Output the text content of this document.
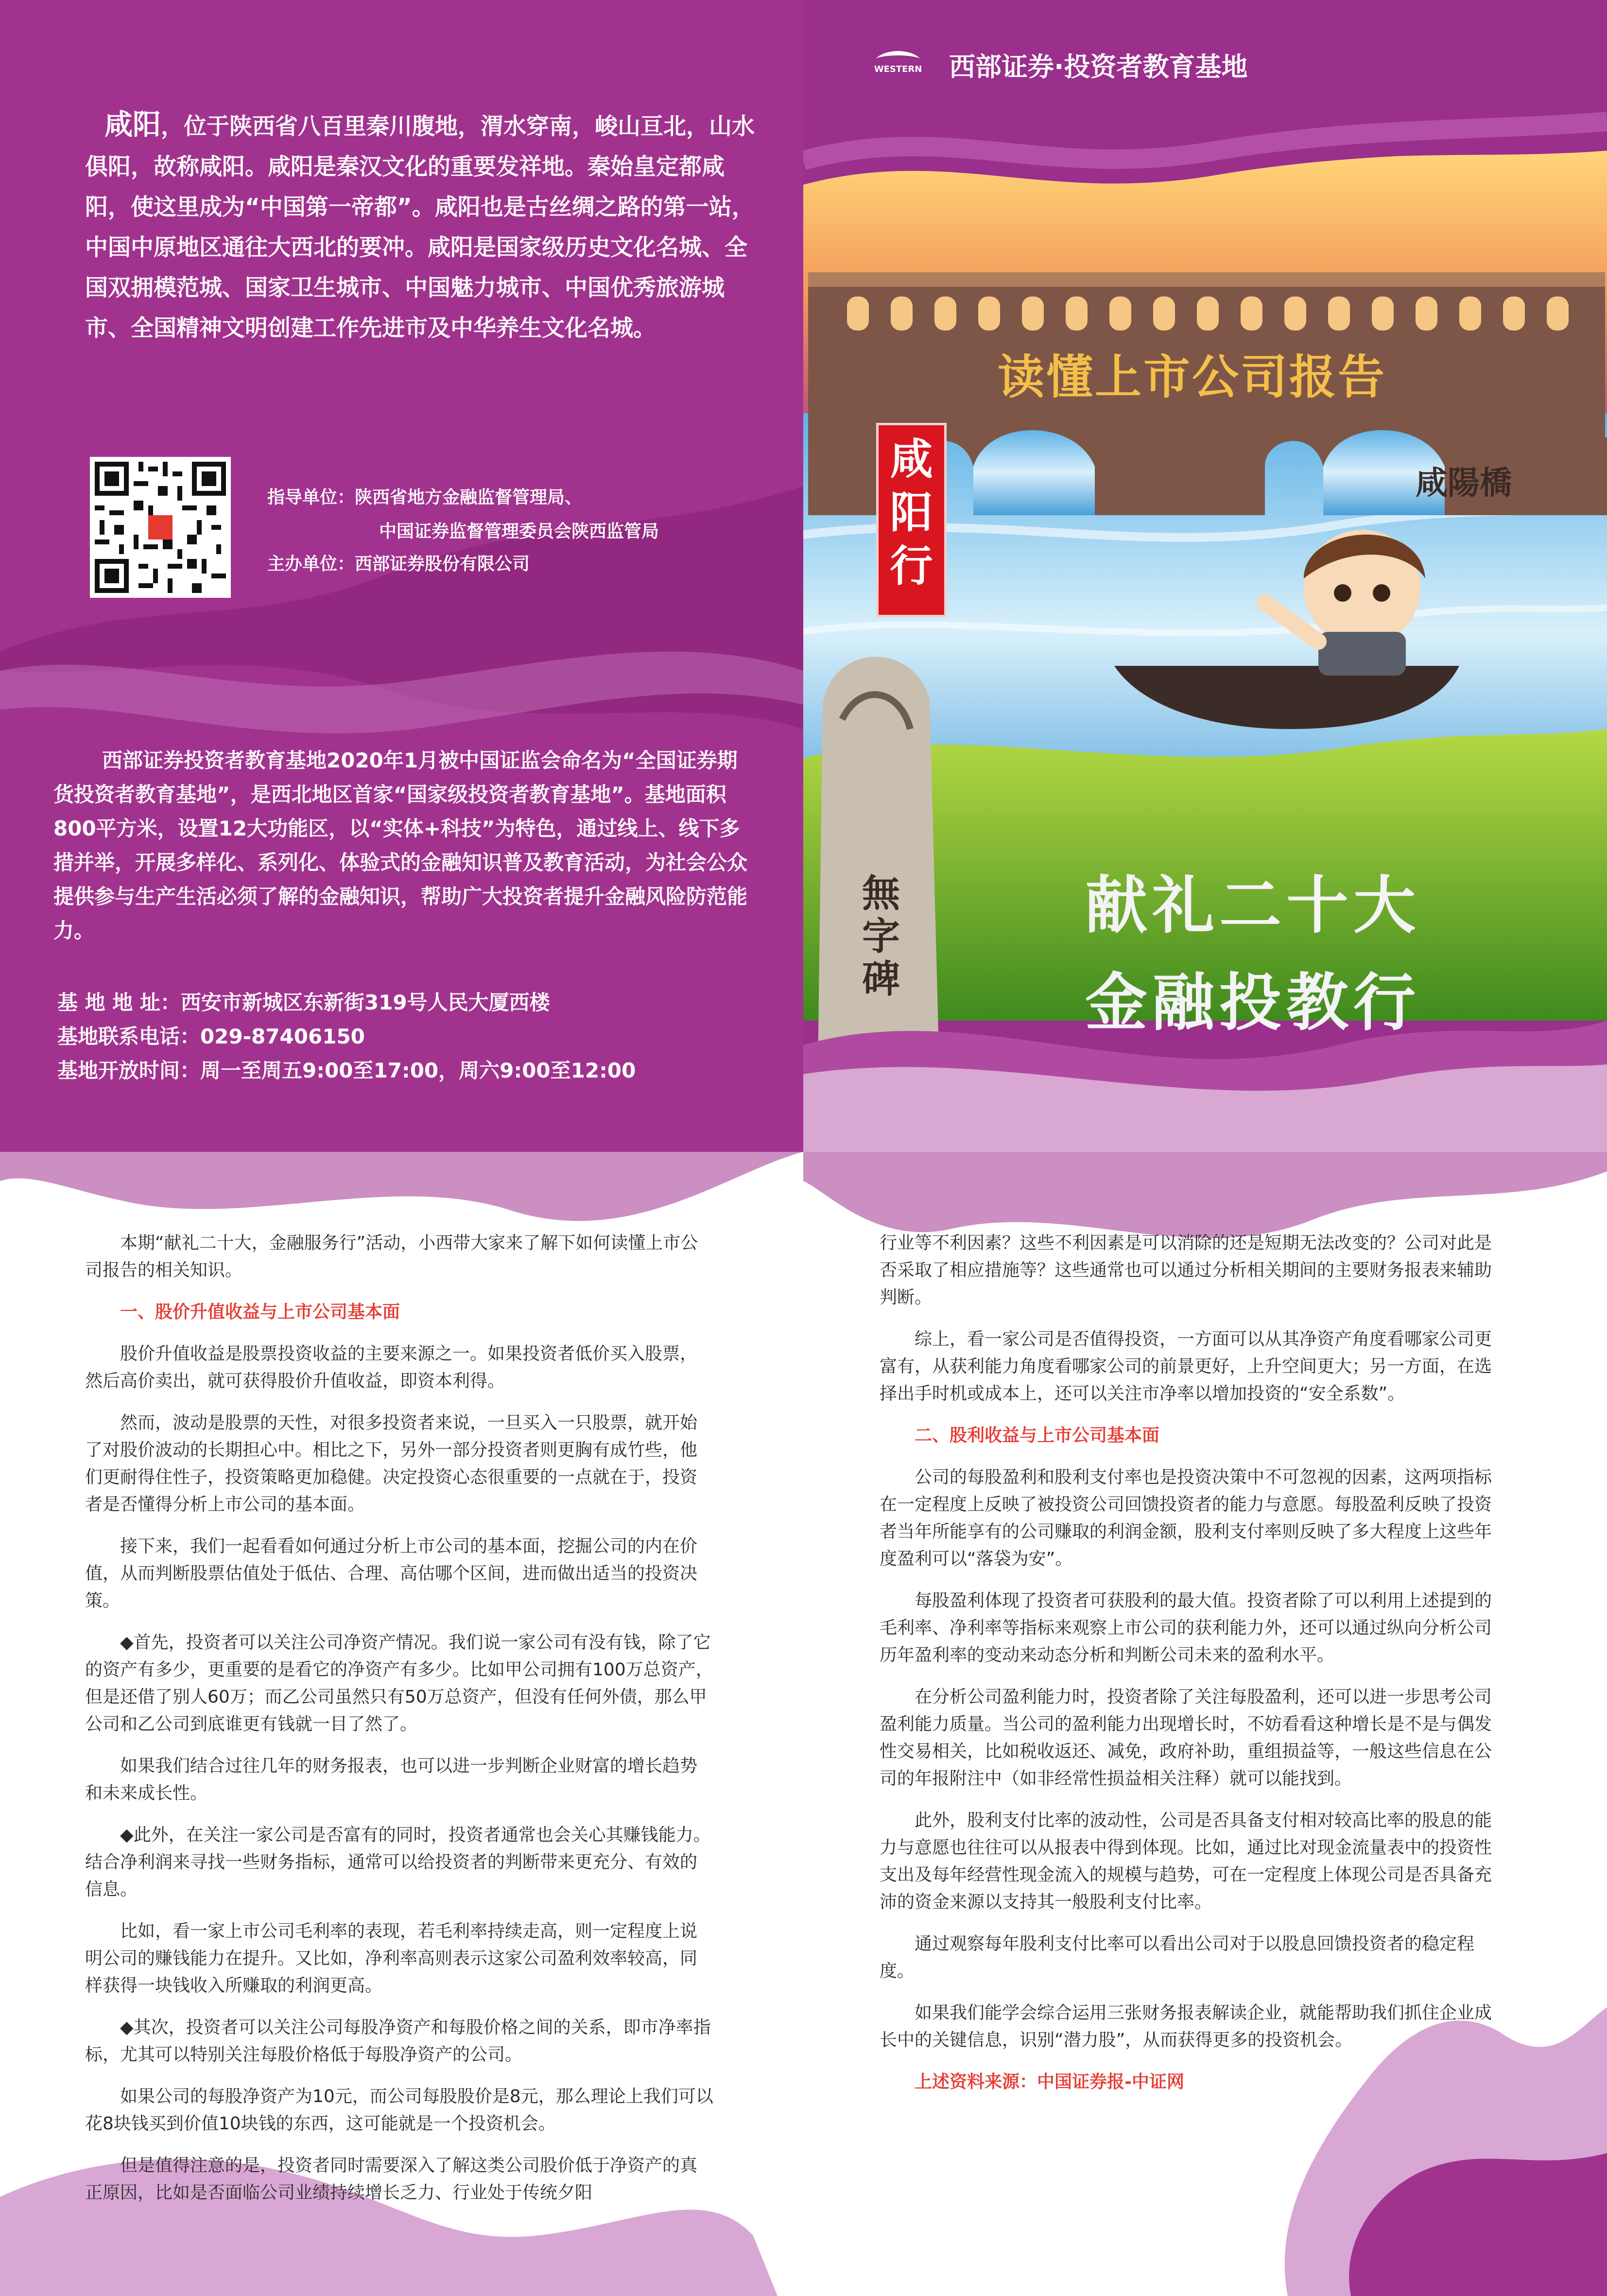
咸阳，位于陕西省八百里秦川腹地，渭水穿南，峻山亘北，山水俱阳，故称咸阳。咸阳是秦汉文化的重要发祥地。秦始皇定都咸阳，使这里成为“中国第一帝都”。咸阳也是古丝绸之路的第一站，中国中原地区通往大西北的要冲。咸阳是国家级历史文化名城、全国双拥模范城、国家卫生城市、中国魅力城市、中国优秀旅游城市、全国精神文明创建工作先进市及中华养生文化名城。
指导单位：陕西省地方金融监督管理局、
中国证券监督管理委员会陕西监管局
主办单位：西部证券股份有限公司
西部证券投资者教育基地2020年1月被中国证监会命名为“全国证券期货投资者教育基地”，是西北地区首家“国家级投资者教育基地”。基地面积800平方米，设置12大功能区，以“实体+科技”为特色，通过线上、线下多措并举，开展多样化、系列化、体验式的金融知识普及教育活动，为社会公众提供参与生产生活必须了解的金融知识，帮助广大投资者提升金融风险防范能力。
基 地 地 址：西安市新城区东新街319号人民大厦西楼
基地联系电话：029-87406150
基地开放时间：周一至周五9:00至17:00，周六9:00至12:00
WESTERN 西部证券·投资者教育基地
读懂上市公司报告
咸陽橋
咸阳行
無字碑
献礼二十大
金融投教行

本期“献礼二十大，金融服务行”活动，小西带大家来了解下如何读懂上市公司报告的相关知识。

一、股价升值收益与上市公司基本面

股价升值收益是股票投资收益的主要来源之一。如果投资者低价买入股票，然后高价卖出，就可获得股价升值收益，即资本利得。

然而，波动是股票的天性，对很多投资者来说，一旦买入一只股票，就开始了对股价波动的长期担心中。相比之下，另外一部分投资者则更胸有成竹些，他们更耐得住性子，投资策略更加稳健。决定投资心态很重要的一点就在于，投资者是否懂得分析上市公司的基本面。

接下来，我们一起看看如何通过分析上市公司的基本面，挖掘公司的内在价值，从而判断股票估值处于低估、合理、高估哪个区间，进而做出适当的投资决策。

◆首先，投资者可以关注公司净资产情况。我们说一家公司有没有钱，除了它的资产有多少，更重要的是看它的净资产有多少。比如甲公司拥有100万总资产，但是还借了别人60万；而乙公司虽然只有50万总资产，但没有任何外债，那么甲公司和乙公司到底谁更有钱就一目了然了。

如果我们结合过往几年的财务报表，也可以进一步判断企业财富的增长趋势和未来成长性。

◆此外，在关注一家公司是否富有的同时，投资者通常也会关心其赚钱能力。结合净利润来寻找一些财务指标，通常可以给投资者的判断带来更充分、有效的信息。

比如，看一家上市公司毛利率的表现，若毛利率持续走高，则一定程度上说明公司的赚钱能力在提升。又比如，净利率高则表示这家公司盈利效率较高，同样获得一块钱收入所赚取的利润更高。

◆其次，投资者可以关注公司每股净资产和每股价格之间的关系，即市净率指标，尤其可以特别关注每股价格低于每股净资产的公司。

如果公司的每股净资产为10元，而公司每股股价是8元，那么理论上我们可以花8块钱买到价值10块钱的东西，这可能就是一个投资机会。

但是值得注意的是，投资者同时需要深入了解这类公司股价低于净资产的真正原因，比如是否面临公司业绩持续增长乏力、行业处于传统夕阳

行业等不利因素？这些不利因素是可以消除的还是短期无法改变的？公司对此是否采取了相应措施等？这些通常也可以通过分析相关期间的主要财务报表来辅助判断。

综上，看一家公司是否值得投资，一方面可以从其净资产角度看哪家公司更富有，从获利能力角度看哪家公司的前景更好，上升空间更大；另一方面，在选择出手时机或成本上，还可以关注市净率以增加投资的“安全系数”。

二、股利收益与上市公司基本面

公司的每股盈利和股利支付率也是投资决策中不可忽视的因素，这两项指标在一定程度上反映了被投资公司回馈投资者的能力与意愿。每股盈利反映了投资者当年所能享有的公司赚取的利润金额，股利支付率则反映了多大程度上这些年度盈利可以“落袋为安”。

每股盈利体现了投资者可获股利的最大值。投资者除了可以利用上述提到的毛利率、净利率等指标来观察上市公司的获利能力外，还可以通过纵向分析公司历年盈利率的变动来动态分析和判断公司未来的盈利水平。

在分析公司盈利能力时，投资者除了关注每股盈利，还可以进一步思考公司盈利能力质量。当公司的盈利能力出现增长时，不妨看看这种增长是不是与偶发性交易相关，比如税收返还、减免，政府补助，重组损益等，一般这些信息在公司的年报附注中（如非经常性损益相关注释）就可以能找到。

此外，股利支付比率的波动性，公司是否具备支付相对较高比率的股息的能力与意愿也往往可以从报表中得到体现。比如，通过比对现金流量表中的投资性支出及每年经营性现金流入的规模与趋势，可在一定程度上体现公司是否具备充沛的资金来源以支持其一般股利支付比率。

通过观察每年股利支付比率可以看出公司对于以股息回馈投资者的稳定程度。

如果我们能学会综合运用三张财务报表解读企业，就能帮助我们抓住企业成长中的关键信息，识别“潜力股”，从而获得更多的投资机会。

上述资料来源：中国证券报-中证网
